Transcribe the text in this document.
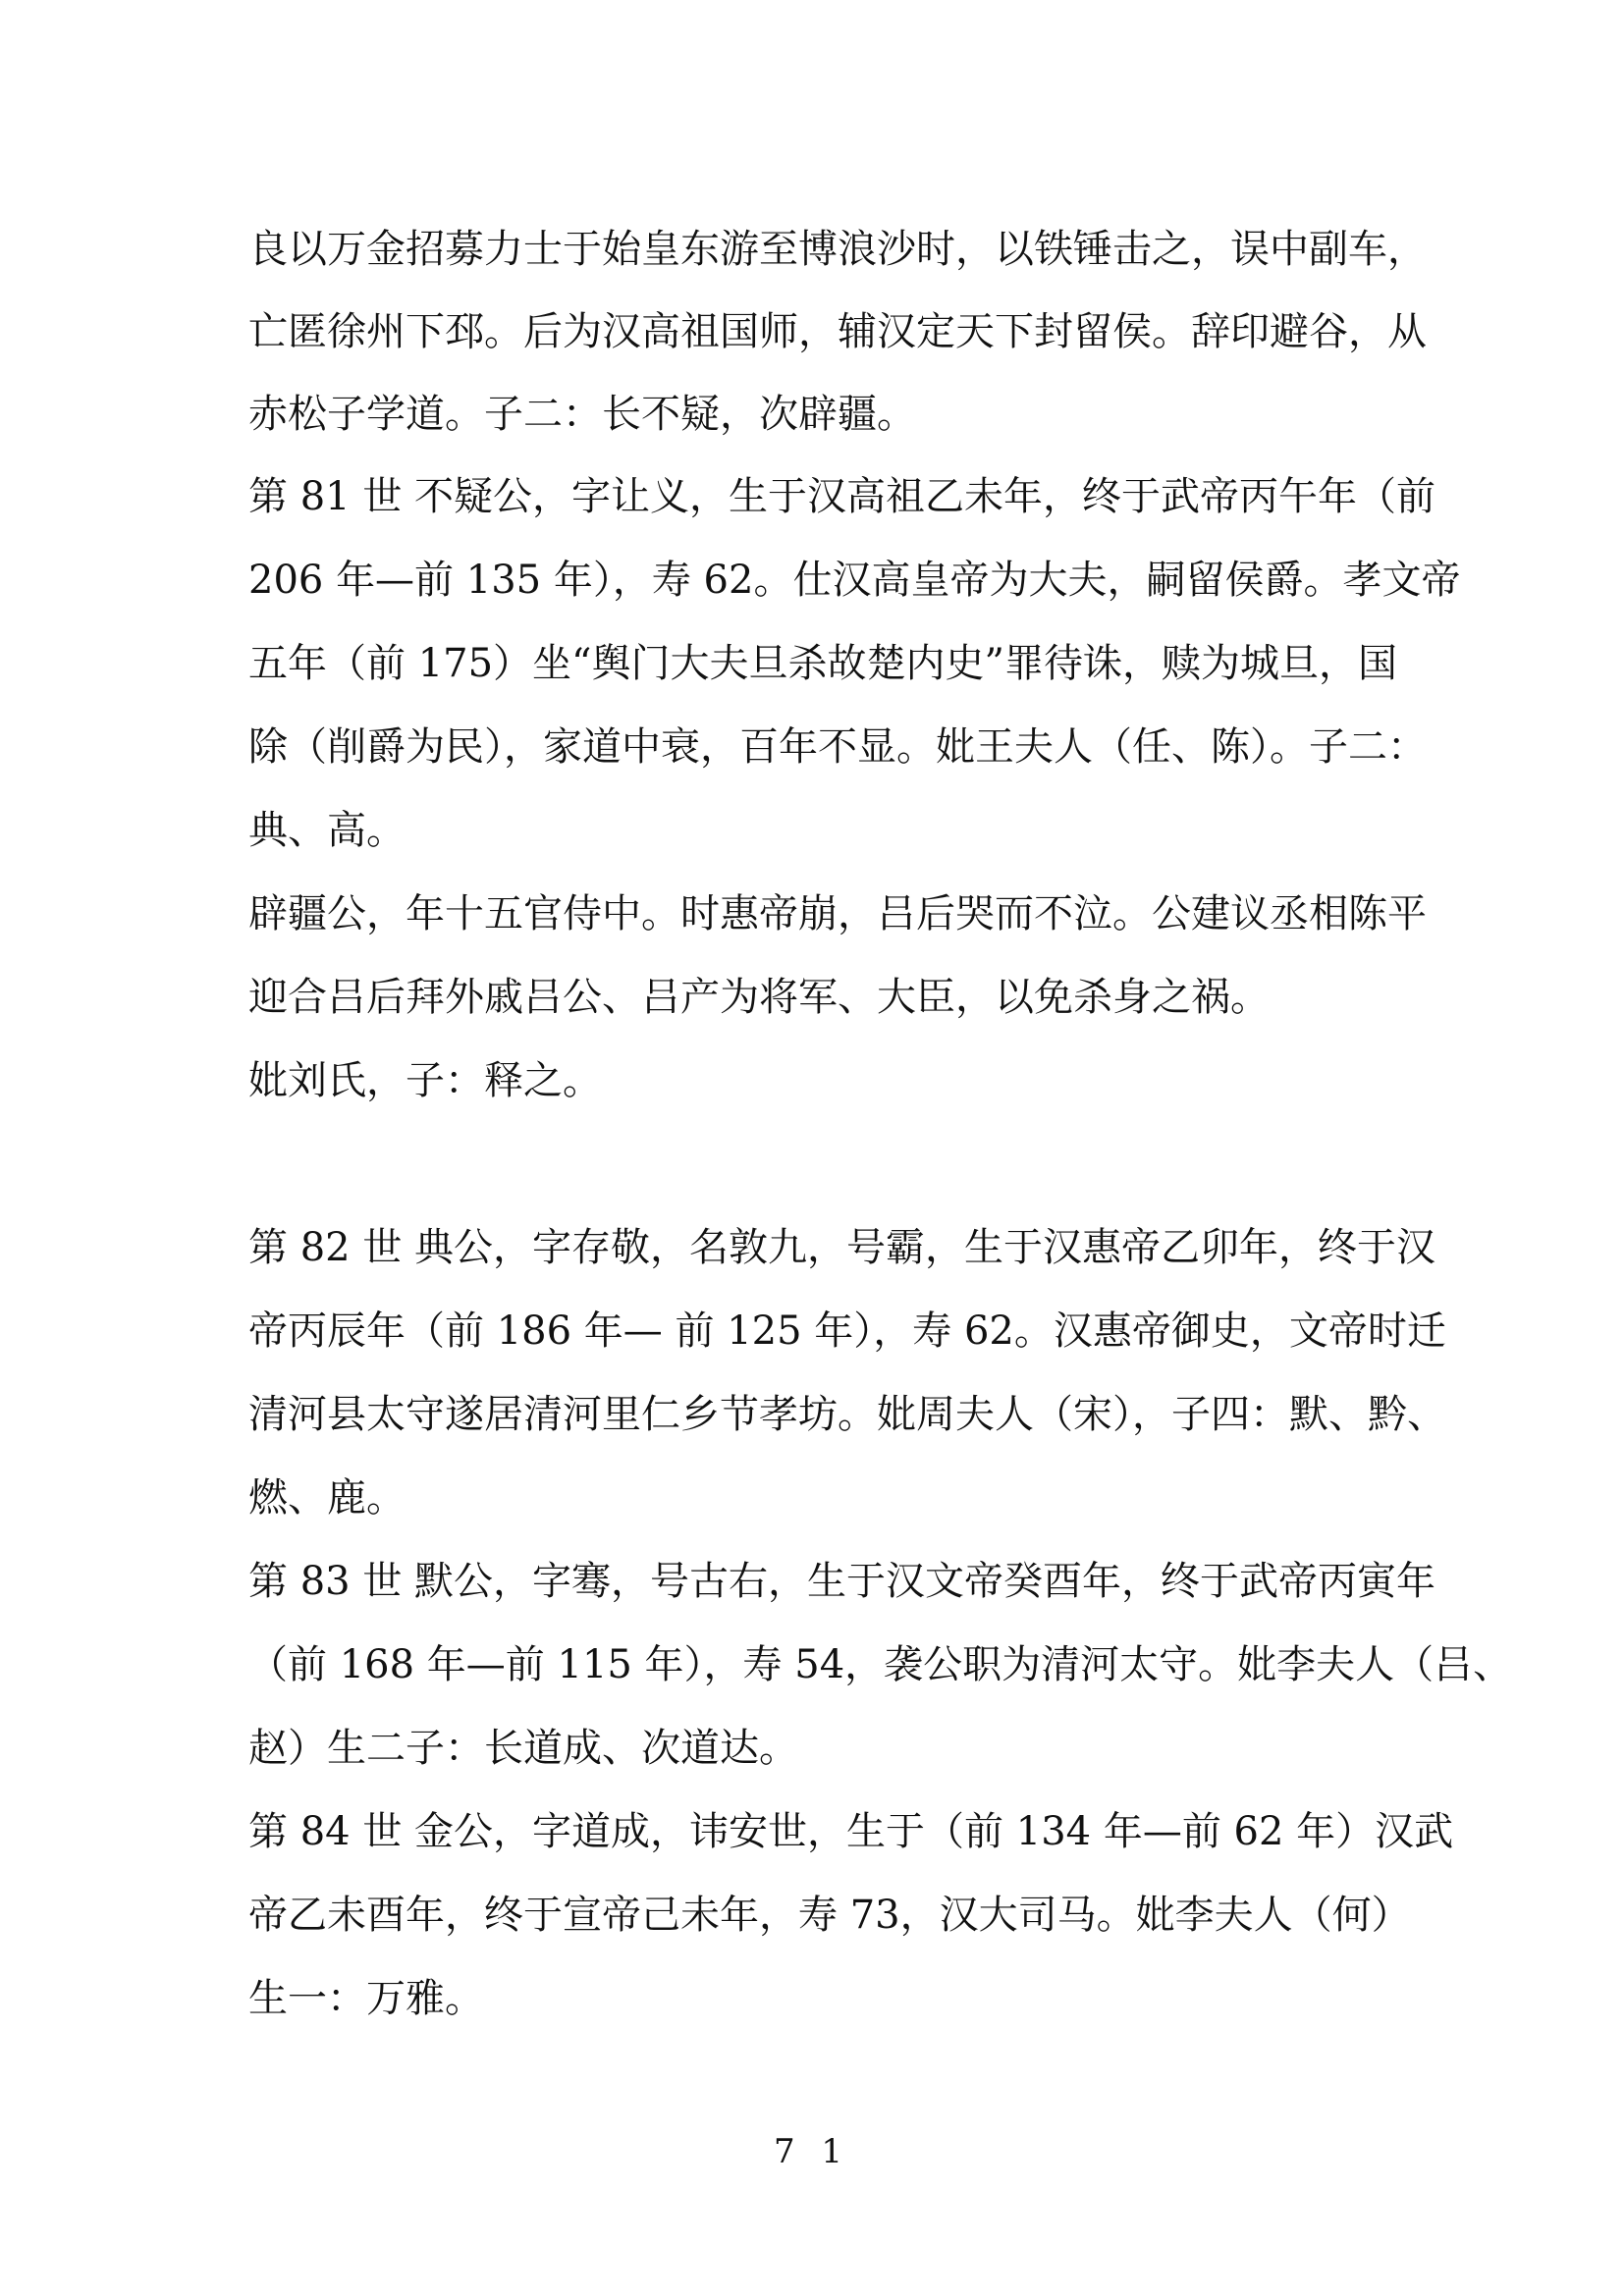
良以万金招募力士于始皇东游至博浪沙时，以铁锤击之，误中副车，

亡匿徐州下邳。后为汉高祖国师，辅汉定天下封留侯。辞印避谷，从

赤松子学道。子二：长不疑，次辟疆。

第 81 世 不疑公，字让义，生于汉高祖乙未年，终于武帝丙午年（前

206 年—前 135 年），寿 62。仕汉高皇帝为大夫，嗣留侯爵。孝文帝

五年（前 175）坐“舆门大夫旦杀故楚内史”罪待诛，赎为城旦，国

除（削爵为民），家道中衰，百年不显。妣王夫人（任、陈）。子二：

典、高。

辟疆公，年十五官侍中。时惠帝崩，吕后哭而不泣。公建议丞相陈平

迎合吕后拜外戚吕公、吕产为将军、大臣，以免杀身之祸。

妣刘氏，子：释之。

第 82 世 典公，字存敬，名敦九，号霸，生于汉惠帝乙卯年，终于汉

帝丙辰年（前 186 年— 前 125 年），寿 62。汉惠帝御史，文帝时迁

清河县太守遂居清河里仁乡节孝坊。妣周夫人（宋），子四：默、黔、

燃、鹿。

第 83 世 默公，字骞，号古右，生于汉文帝癸酉年，终于武帝丙寅年

（前 168 年—前 115 年），寿 54，袭公职为清河太守。妣李夫人（吕、

赵）生二子：长道成、次道达。

第 84 世 金公，字道成，讳安世，生于（前 134 年—前 62 年）汉武

帝乙未酉年，终于宣帝己未年，寿 73，汉大司马。妣李夫人（何）

生一：万雅。

7 1
